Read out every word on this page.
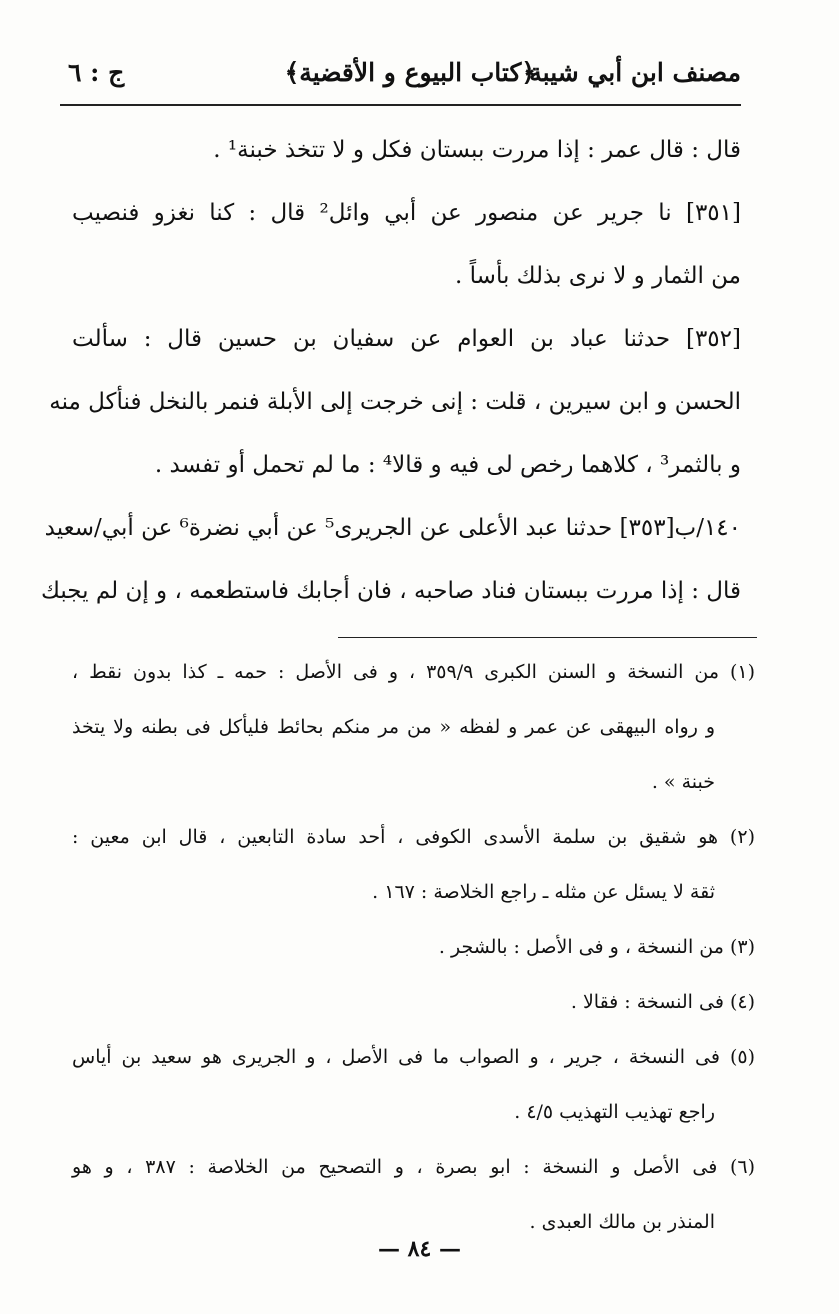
مصنف ابن أبي شيبة
﴿كتاب البيوع و الأقضية﴾
ج : ٦
قال : قال عمر : إذا مررت ببستان فكل و لا تتخذ خبنة¹ .
[٣٥١] نا جرير عن منصور عن أبي وائل² قال : كنا نغزو فنصيب
من الثمار و لا نرى بذلك بأساً .
[٣٥٢] حدثنا عباد بن العوام عن سفيان بن حسين قال : سألت
الحسن و ابن سيرين ، قلت : إنى خرجت إلى الأبلة فنمر بالنخل فنأكل منه
و بالثمر³ ، كلاهما رخص لى فيه و قالا⁴ : ما لم تحمل أو تفسد .
١٤٠/ب[٣٥٣] حدثنا عبد الأعلى عن الجريرى⁵ عن أبي نضرة⁶ عن أبي/سعيد
قال : إذا مررت ببستان فناد صاحبه ، فان أجابك فاستطعمه ، و إن لم يجبك
(١) من النسخة و السنن الكبرى ٣٥٩/٩ ، و فى الأصل : حمه ـ كذا بدون نقط ،
و رواه البيهقى عن عمر و لفظه « من مر منكم بحائط فليأكل فى بطنه ولا يتخذ
خبنة » .
(٢) هو شقيق بن سلمة الأسدى الكوفى ، أحد سادة التابعين ، قال ابن معين :
ثقة لا يسئل عن مثله ـ راجع الخلاصة : ١٦٧ .
(٣) من النسخة ، و فى الأصل : بالشجر .
(٤) فى النسخة : فقالا .
(٥) فى النسخة ، جرير ، و الصواب ما فى الأصل ، و الجريرى هو سعيد بن أياس
راجع تهذيب التهذيب ٤/٥ .
(٦) فى الأصل و النسخة : ابو بصرة ، و التصحيح من الخلاصة : ٣٨٧ ، و هو
المنذر بن مالك العبدى .
— ٨٤ —
